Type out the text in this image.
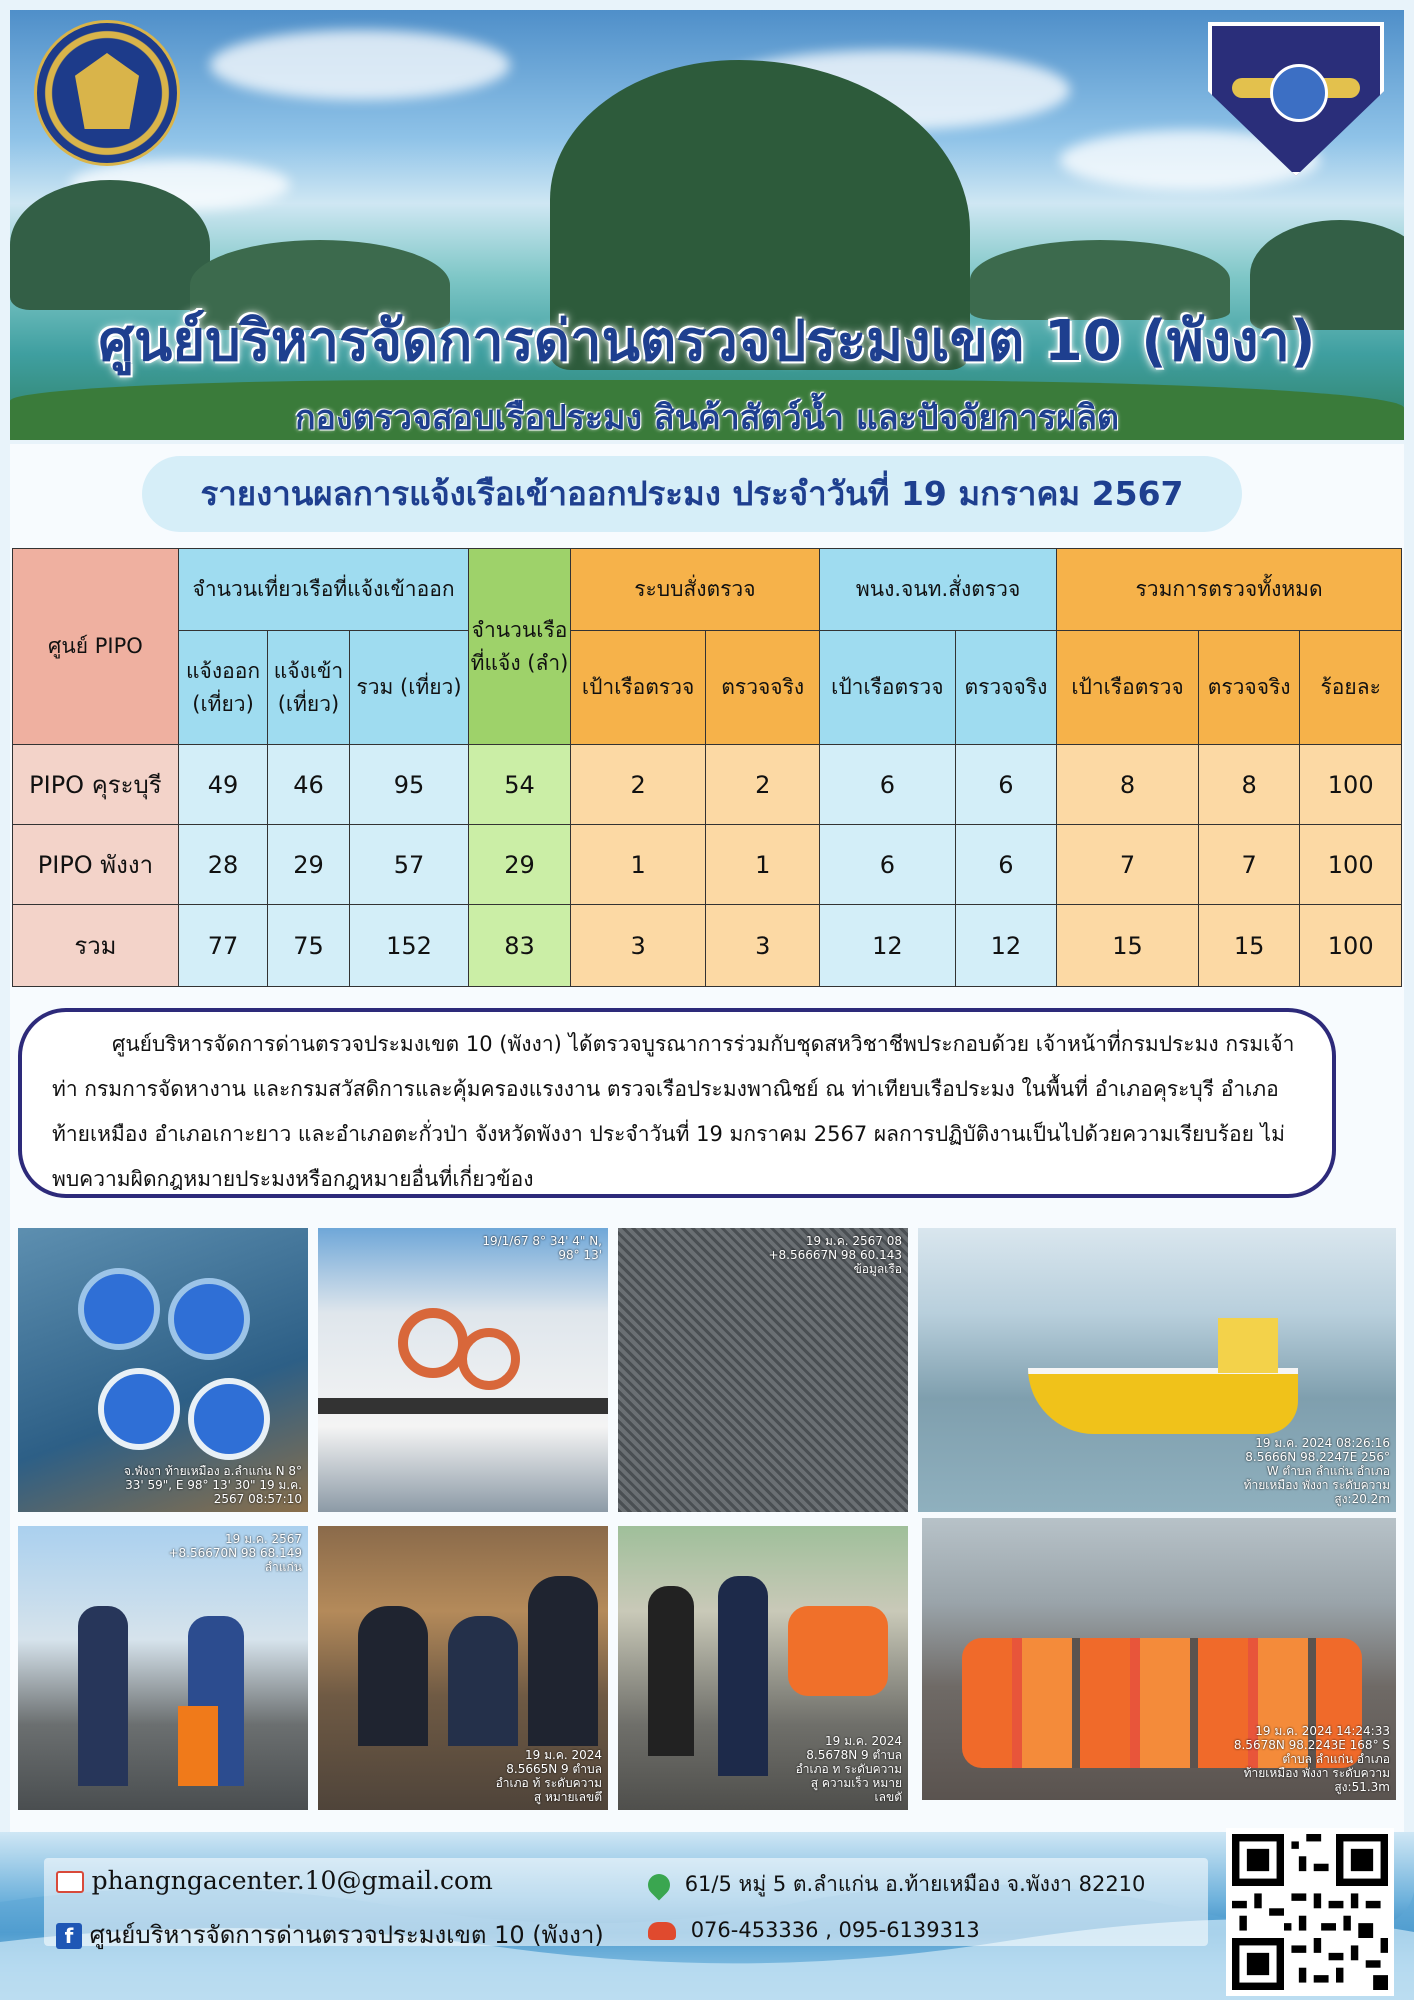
ศูนย์บริหารจัดการด่านตรวจประมงเขต 10 (พังงา)
กองตรวจสอบเรือประมง สินค้าสัตว์น้ำ และปัจจัยการผลิต
รายงานผลการแจ้งเรือเข้าออกประมง ประจำวันที่ 19 มกราคม 2567
ศูนย์ PIPO	จำนวนเที่ยวเรือที่แจ้งเข้าออก			จำนวนเรือที่แจ้ง (ลำ)	ระบบสั่งตรวจ		พนง.จนท.สั่งตรวจ		รวมการตรวจทั้งหมด		
	แจ้งออก (เที่ยว)	แจ้งเข้า (เที่ยว)	รวม (เที่ยว)		เป้าเรือตรวจ	ตรวจจริง	เป้าเรือตรวจ	ตรวจจริง	เป้าเรือตรวจ	ตรวจจริง	ร้อยละ
PIPO คุระบุรี	49	46	95	54	2	2	6	6	8	8	100
PIPO พังงา	28	29	57	29	1	1	6	6	7	7	100
รวม	77	75	152	83	3	3	12	12	15	15	100
ศูนย์บริหารจัดการด่านตรวจประมงเขต 10 (พังงา) ได้ตรวจบูรณาการร่วมกับชุดสหวิชาชีพประกอบด้วย เจ้าหน้าที่กรมประมง กรมเจ้าท่า กรมการจัดหางาน และกรมสวัสดิการและคุ้มครองแรงงาน ตรวจเรือประมงพาณิชย์ ณ ท่าเทียบเรือประมง ในพื้นที่ อำเภอคุระบุรี อำเภอท้ายเหมือง อำเภอเกาะยาว และอำเภอตะกั่วป่า จังหวัดพังงา ประจำวันที่ 19 มกราคม 2567 ผลการปฏิบัติงานเป็นไปด้วยความเรียบร้อย ไม่พบความผิดกฎหมายประมงหรือกฎหมายอื่นที่เกี่ยวข้อง
จ.พังงา ท้ายเหมือง อ.ลำแก่น N 8° 33' 59", E 98° 13' 30" 19 ม.ค. 2567 08:57:10
19/1/67 8° 34' 4" N, 98° 13'
19 ม.ค. 2567 08 +8.56667N 98 60.143 ข้อมูลเรือ
19 ม.ค. 2024 08:26:16 8.5666N 98.2247E 256° W ตำบล ลำแก่น อำเภอ ท้ายเหมือง พังงา ระดับความสูง:20.2m
19 ม.ค. 2567 +8.56670N 98 68.149 ลำแก่น
19 ม.ค. 2024 8.5665N 9 ตำบล อำเภอ ท้ ระดับความสู หมายเลขตึ
19 ม.ค. 2024 8.5678N 9 ตำบล อำเภอ ท ระดับความสู ความเร็ว หมายเลขตั
19 ม.ค. 2024 14:24:33 8.5678N 98.2243E 168° S ตำบล ลำแก่น อำเภอ ท้ายเหมือง พังงา ระดับความสูง:51.3m
phangngacenter.10@gmail.com
f ศูนย์บริหารจัดการด่านตรวจประมงเขต 10 (พังงา)
61/5 หมู่ 5 ต.ลำแก่น อ.ท้ายเหมือง จ.พังงา 82210
076-453336 , 095-6139313
